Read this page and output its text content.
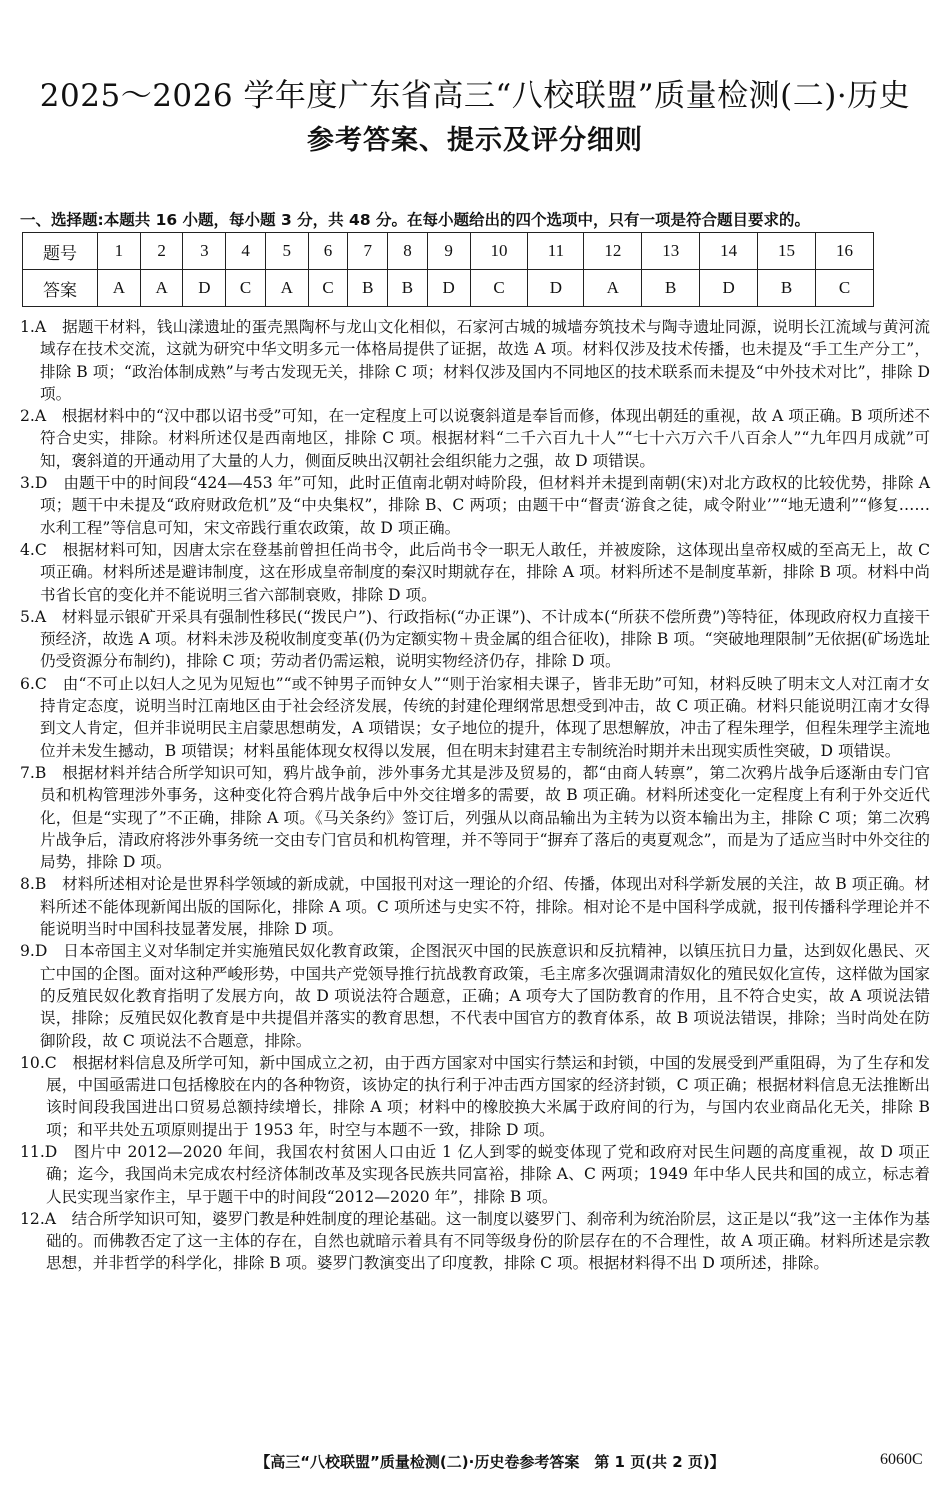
2025～2026 学年度广东省高三“八校联盟”质量检测(二)·历史
参考答案、提示及评分细则
一、选择题:本题共 16 小题，每小题 3 分，共 48 分。在每小题给出的四个选项中，只有一项是符合题目要求的。
题号	1	2	3	4	5	6	7	8	9	10	11	12	13	14	15	16
答案	A	A	D	C	A	C	B	B	D	C	D	A	B	D	B	C

1.A　据题干材料，钱山漾遗址的蛋壳黑陶杯与龙山文化相似，石家河古城的城墙夯筑技术与陶寺遗址同源，说明长江流域与黄河流域存在技术交流，这就为研究中华文明多元一体格局提供了证据，故选 A 项。材料仅涉及技术传播，也未提及“手工生产分工”，排除 B 项；“政治体制成熟”与考古发现无关，排除 C 项；材料仅涉及国内不同地区的技术联系而未提及“中外技术对比”，排除 D 项。

2.A　根据材料中的“汉中郡以诏书受”可知，在一定程度上可以说褒斜道是奉旨而修，体现出朝廷的重视，故 A 项正确。B 项所述不符合史实，排除。材料所述仅是西南地区，排除 C 项。根据材料“二千六百九十人”“七十六万六千八百余人”“九年四月成就”可知，褒斜道的开通动用了大量的人力，侧面反映出汉朝社会组织能力之强，故 D 项错误。

3.D　由题干中的时间段“424—453 年”可知，此时正值南北朝对峙阶段，但材料并未提到南朝(宋)对北方政权的比较优势，排除 A 项；题干中未提及“政府财政危机”及“中央集权”，排除 B、C 两项；由题干中“督责‘游食之徒，咸令附业’”“地无遗利”“修复……水利工程”等信息可知，宋文帝践行重农政策，故 D 项正确。

4.C　根据材料可知，因唐太宗在登基前曾担任尚书令，此后尚书令一职无人敢任，并被废除，这体现出皇帝权威的至高无上，故 C 项正确。材料所述是避讳制度，这在形成皇帝制度的秦汉时期就存在，排除 A 项。材料所述不是制度革新，排除 B 项。材料中尚书省长官的变化并不能说明三省六部制衰败，排除 D 项。

5.A　材料显示银矿开采具有强制性移民(“拨民户”)、行政指标(“办正课”)、不计成本(“所获不偿所费”)等特征，体现政府权力直接干预经济，故选 A 项。材料未涉及税收制度变革(仍为定额实物＋贵金属的组合征收)，排除 B 项。“突破地理限制”无依据(矿场选址仍受资源分布制约)，排除 C 项；劳动者仍需运粮，说明实物经济仍存，排除 D 项。

6.C　由“不可止以妇人之见为见短也”“或不钟男子而钟女人”“则于治家相夫课子，皆非无助”可知，材料反映了明末文人对江南才女持肯定态度，说明当时江南地区由于社会经济发展，传统的封建伦理纲常思想受到冲击，故 C 项正确。材料只能说明江南才女得到文人肯定，但并非说明民主启蒙思想萌发，A 项错误；女子地位的提升，体现了思想解放，冲击了程朱理学，但程朱理学主流地位并未发生撼动，B 项错误；材料虽能体现女权得以发展，但在明末封建君主专制统治时期并未出现实质性突破，D 项错误。

7.B　根据材料并结合所学知识可知，鸦片战争前，涉外事务尤其是涉及贸易的，都“由商人转禀”，第二次鸦片战争后逐渐由专门官员和机构管理涉外事务，这种变化符合鸦片战争后中外交往增多的需要，故 B 项正确。材料所述变化一定程度上有利于外交近代化，但是“实现了”不正确，排除 A 项。《马关条约》签订后，列强从以商品输出为主转为以资本输出为主，排除 C 项；第二次鸦片战争后，清政府将涉外事务统一交由专门官员和机构管理，并不等同于“摒弃了落后的夷夏观念”，而是为了适应当时中外交往的局势，排除 D 项。

8.B　材料所述相对论是世界科学领域的新成就，中国报刊对这一理论的介绍、传播，体现出对科学新发展的关注，故 B 项正确。材料所述不能体现新闻出版的国际化，排除 A 项。C 项所述与史实不符，排除。相对论不是中国科学成就，报刊传播科学理论并不能说明当时中国科技显著发展，排除 D 项。

9.D　日本帝国主义对华制定并实施殖民奴化教育政策，企图泯灭中国的民族意识和反抗精神，以镇压抗日力量，达到奴化愚民、灭亡中国的企图。面对这种严峻形势，中国共产党领导推行抗战教育政策，毛主席多次强调肃清奴化的殖民奴化宣传，这样做为国家的反殖民奴化教育指明了发展方向，故 D 项说法符合题意，正确；A 项夸大了国防教育的作用，且不符合史实，故 A 项说法错误，排除；反殖民奴化教育是中共提倡并落实的教育思想，不代表中国官方的教育体系，故 B 项说法错误，排除；当时尚处在防御阶段，故 C 项说法不合题意，排除。

10.C　根据材料信息及所学可知，新中国成立之初，由于西方国家对中国实行禁运和封锁，中国的发展受到严重阻碍，为了生存和发展，中国亟需进口包括橡胶在内的各种物资，该协定的执行利于冲击西方国家的经济封锁，C 项正确；根据材料信息无法推断出该时间段我国进出口贸易总额持续增长，排除 A 项；材料中的橡胶换大米属于政府间的行为，与国内农业商品化无关，排除 B 项；和平共处五项原则提出于 1953 年，时空与本题不一致，排除 D 项。

11.D　图片中 2012—2020 年间，我国农村贫困人口由近 1 亿人到零的蜕变体现了党和政府对民生问题的高度重视，故 D 项正确；迄今，我国尚未完成农村经济体制改革及实现各民族共同富裕，排除 A、C 两项；1949 年中华人民共和国的成立，标志着人民实现当家作主，早于题干中的时间段“2012—2020 年”，排除 B 项。

12.A　结合所学知识可知，婆罗门教是种姓制度的理论基础。这一制度以婆罗门、刹帝利为统治阶层，这正是以“我”这一主体作为基础的。而佛教否定了这一主体的存在，自然也就暗示着具有不同等级身份的阶层存在的不合理性，故 A 项正确。材料所述是宗教思想，并非哲学的科学化，排除 B 项。婆罗门教演变出了印度教，排除 C 项。根据材料得不出 D 项所述，排除。

【高三“八校联盟”质量检测(二)·历史卷参考答案　第 1 页(共 2 页)】	6060C
